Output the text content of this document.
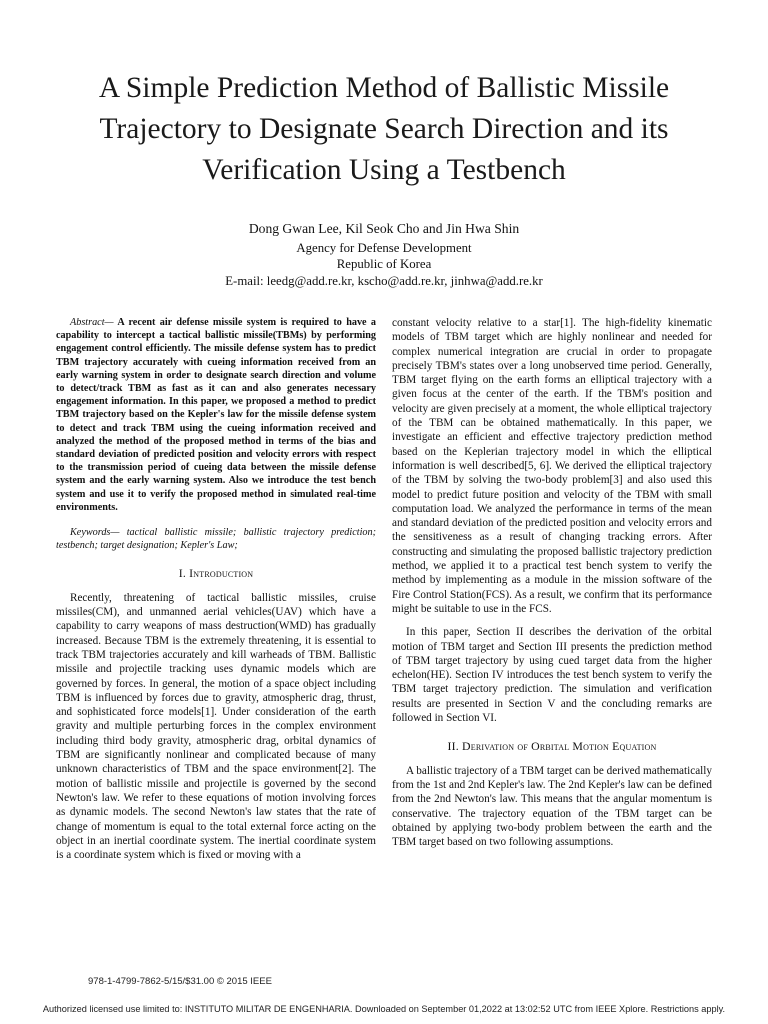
A Simple Prediction Method of Ballistic Missile Trajectory to Designate Search Direction and its Verification Using a Testbench
Dong Gwan Lee, Kil Seok Cho and Jin Hwa Shin
Agency for Defense Development
Republic of Korea
E-mail: leedg@add.re.kr, kscho@add.re.kr, jinhwa@add.re.kr

Abstract— A recent air defense missile system is required to have a capability to intercept a tactical ballistic missile(TBMs) by performing engagement control efficiently. The missile defense system has to predict TBM trajectory accurately with cueing information received from an early warning system in order to designate search direction and volume to detect/track TBM as fast as it can and also generates necessary engagement information. In this paper, we proposed a method to predict TBM trajectory based on the Kepler's law for the missile defense system to detect and track TBM using the cueing information received and analyzed the method of the proposed method in terms of the bias and standard deviation of predicted position and velocity errors with respect to the transmission period of cueing data between the missile defense system and the early warning system. Also we introduce the test bench system and use it to verify the proposed method in simulated real-time environments.

Keywords— tactical ballistic missile; ballistic trajectory prediction; testbench; target designation; Kepler's Law;

I. Introduction

Recently, threatening of tactical ballistic missiles, cruise missiles(CM), and unmanned aerial vehicles(UAV) which have a capability to carry weapons of mass destruction(WMD) has gradually increased. Because TBM is the extremely threatening, it is essential to track TBM trajectories accurately and kill warheads of TBM. Ballistic missile and projectile tracking uses dynamic models which are governed by forces. In general, the motion of a space object including TBM is influenced by forces due to gravity, atmospheric drag, thrust, and sophisticated force models[1]. Under consideration of the earth gravity and multiple perturbing forces in the complex environment including third body gravity, atmospheric drag, orbital dynamics of TBM are significantly nonlinear and complicated because of many unknown characteristics of TBM and the space environment[2]. The motion of ballistic missile and projectile is governed by the second Newton's law. We refer to these equations of motion involving forces as dynamic models. The second Newton's law states that the rate of change of momentum is equal to the total external force acting on the object in an inertial coordinate system. The inertial coordinate system is a coordinate system which is fixed or moving with a

constant velocity relative to a star[1]. The high-fidelity kinematic models of TBM target which are highly nonlinear and needed for complex numerical integration are crucial in order to propagate precisely TBM's states over a long unobserved time period. Generally, TBM target flying on the earth forms an elliptical trajectory with a given focus at the center of the earth. If the TBM's position and velocity are given precisely at a moment, the whole elliptical trajectory of the TBM can be obtained mathematically. In this paper, we investigate an efficient and effective trajectory prediction method based on the Keplerian trajectory model in which the elliptical information is well described[5, 6]. We derived the elliptical trajectory of the TBM by solving the two-body problem[3] and also used this model to predict future position and velocity of the TBM with small computation load. We analyzed the performance in terms of the mean and standard deviation of the predicted position and velocity errors and the sensitiveness as a result of changing tracking errors. After constructing and simulating the proposed ballistic trajectory prediction method, we applied it to a practical test bench system to verify the method by implementing as a module in the mission software of the Fire Control Station(FCS). As a result, we confirm that its performance might be suitable to use in the FCS.

In this paper, Section II describes the derivation of the orbital motion of TBM target and Section III presents the prediction method of TBM target trajectory by using cued target data from the higher echelon(HE). Section IV introduces the test bench system to verify the TBM target trajectory prediction. The simulation and verification results are presented in Section V and the concluding remarks are followed in Section VI.

II. Derivation of Orbital Motion Equation

A ballistic trajectory of a TBM target can be derived mathematically from the 1st and 2nd Kepler's law. The 2nd Kepler's law can be defined from the 2nd Newton's law. This means that the angular momentum is conservative. The trajectory equation of the TBM target can be obtained by applying two-body problem between the earth and the TBM target based on two following assumptions.

978-1-4799-7862-5/15/$31.00 © 2015 IEEE
Authorized licensed use limited to: INSTITUTO MILITAR DE ENGENHARIA. Downloaded on September 01,2022 at 13:02:52 UTC from IEEE Xplore. Restrictions apply.
